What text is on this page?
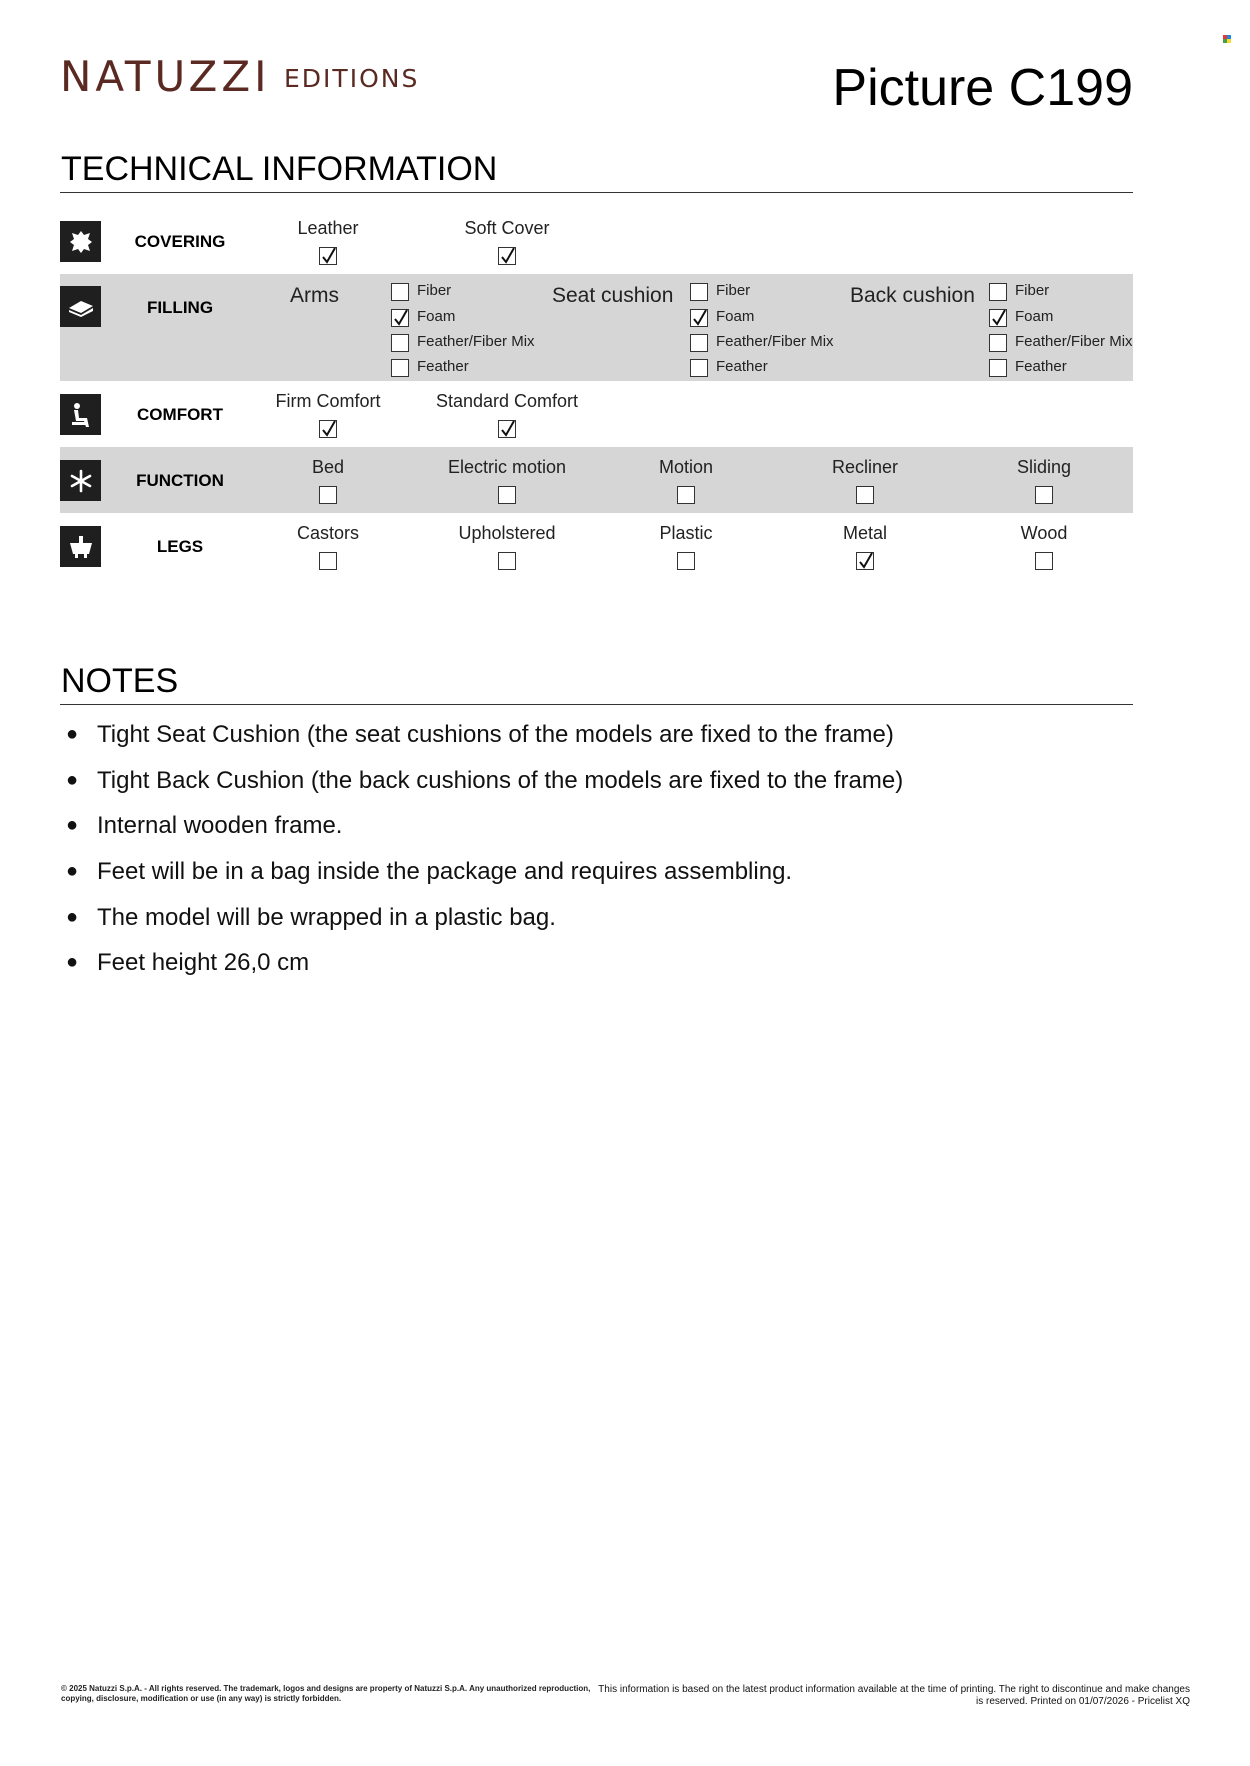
NATUZZI EDITIONS	Picture C199
TECHNICAL INFORMATION
COVERING
Leather	Soft Cover
FILLING
Arms	Fiber
Foam
Feather/Fiber Mix
Feather
Seat cushion	Fiber
Foam
Feather/Fiber Mix
Feather
Back cushion	Fiber
Foam
Feather/Fiber Mix
Feather
COMFORT
Firm Comfort	Standard Comfort
FUNCTION
Bed	Electric motion	Motion	Recliner	Sliding
LEGS
Castors	Upholstered	Plastic	Metal	Wood
NOTES
● Tight Seat Cushion (the seat cushions of the models are fixed to the frame)
● Tight Back Cushion (the back cushions of the models are fixed to the frame)
● Internal wooden frame.
● Feet will be in a bag inside the package and requires assembling.
● The model will be wrapped in a plastic bag.
● Feet height 26,0 cm
© 2025 Natuzzi S.p.A. - All rights reserved. The trademark, logos and designs are property of Natuzzi S.p.A. Any unauthorized reproduction, copying, disclosure, modification or use (in any way) is strictly forbidden.
This information is based on the latest product information available at the time of printing. The right to discontinue and make changes is reserved. Printed on 01/07/2026 - Pricelist XQ
